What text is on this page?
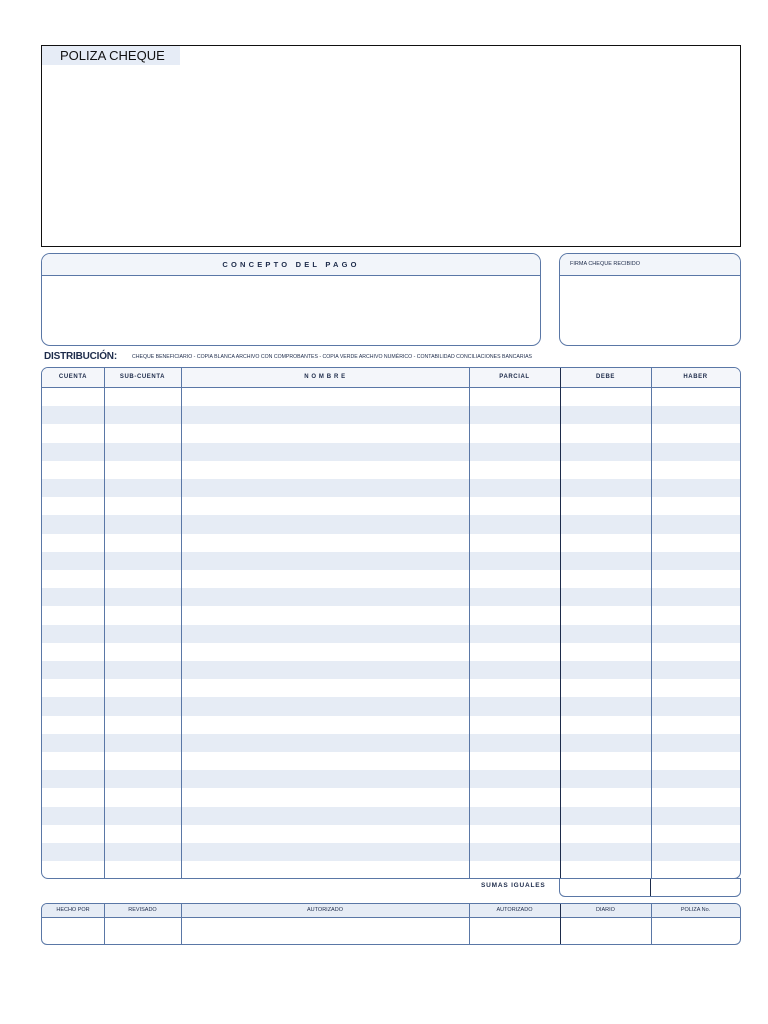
POLIZA CHEQUE
CONCEPTO DEL PAGO	FIRMA CHEQUE RECIBIDO
DISTRIBUCIÓN:	CHEQUE BENEFICIARIO - COPIA BLANCA ARCHIVO CON COMPROBANTES - COPIA VERDE ARCHIVO NUMÉRICO - CONTABILIDAD CONCILIACIONES BANCARIAS
CUENTA	SUB-CUENTA	N O M B R E	PARCIAL	DEBE	HABER
SUMAS IGUALES
HECHO POR	REVISADO	AUTORIZADO	AUTORIZADO	DIARIO	POLIZA No.
